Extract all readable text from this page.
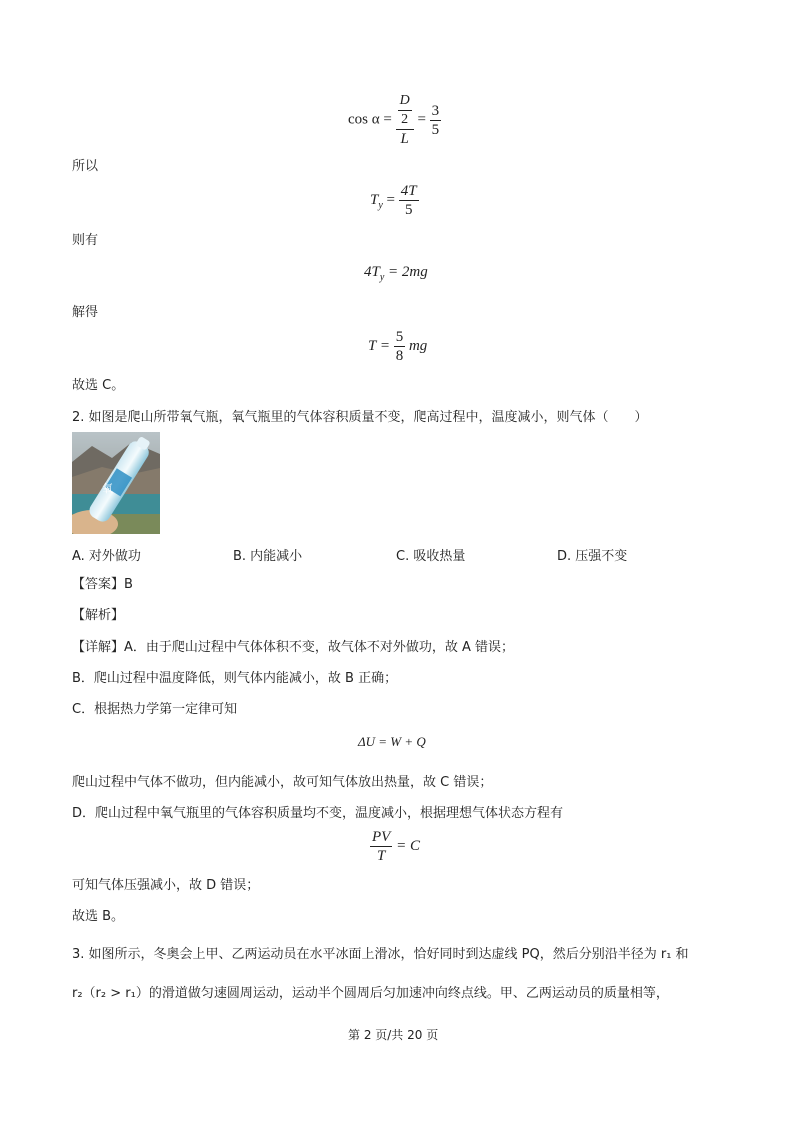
$\cos \alpha = \frac{\frac{D}{2}}{L} = \frac{3}{5}$
所以
$T_y = \frac{4T}{5}$
则有
$4T_y = 2mg$
解得
$T = \frac{5}{8}$ mg
故选 C。
2. 如图是爬山所带氧气瓶，氧气瓶里的气体容积质量不变，爬高过程中，温度减小，则气体（　　）
氧
A. 对外做功	B. 内能减小	C. 吸收热量	D. 压强不变
【答案】B
【解析】
【详解】A．由于爬山过程中气体体积不变，故气体不对外做功，故 A 错误；
B．爬山过程中温度降低，则气体内能减小，故 B 正确；
C．根据热力学第一定律可知
ΔU = W + Q
爬山过程中气体不做功，但内能减小，故可知气体放出热量，故 C 错误；
D．爬山过程中氧气瓶里的气体容积质量均不变，温度减小，根据理想气体状态方程有
$\frac{PV}{T} = C$
可知气体压强减小，故 D 错误；
故选 B。
3. 如图所示，冬奥会上甲、乙两运动员在水平冰面上滑冰，恰好同时到达虚线 PQ，然后分别沿半径为 r₁ 和
r₂（r₂ > r₁）的滑道做匀速圆周运动，运动半个圆周后匀加速冲向终点线。甲、乙两运动员的质量相等，
第 2 页/共 20 页
